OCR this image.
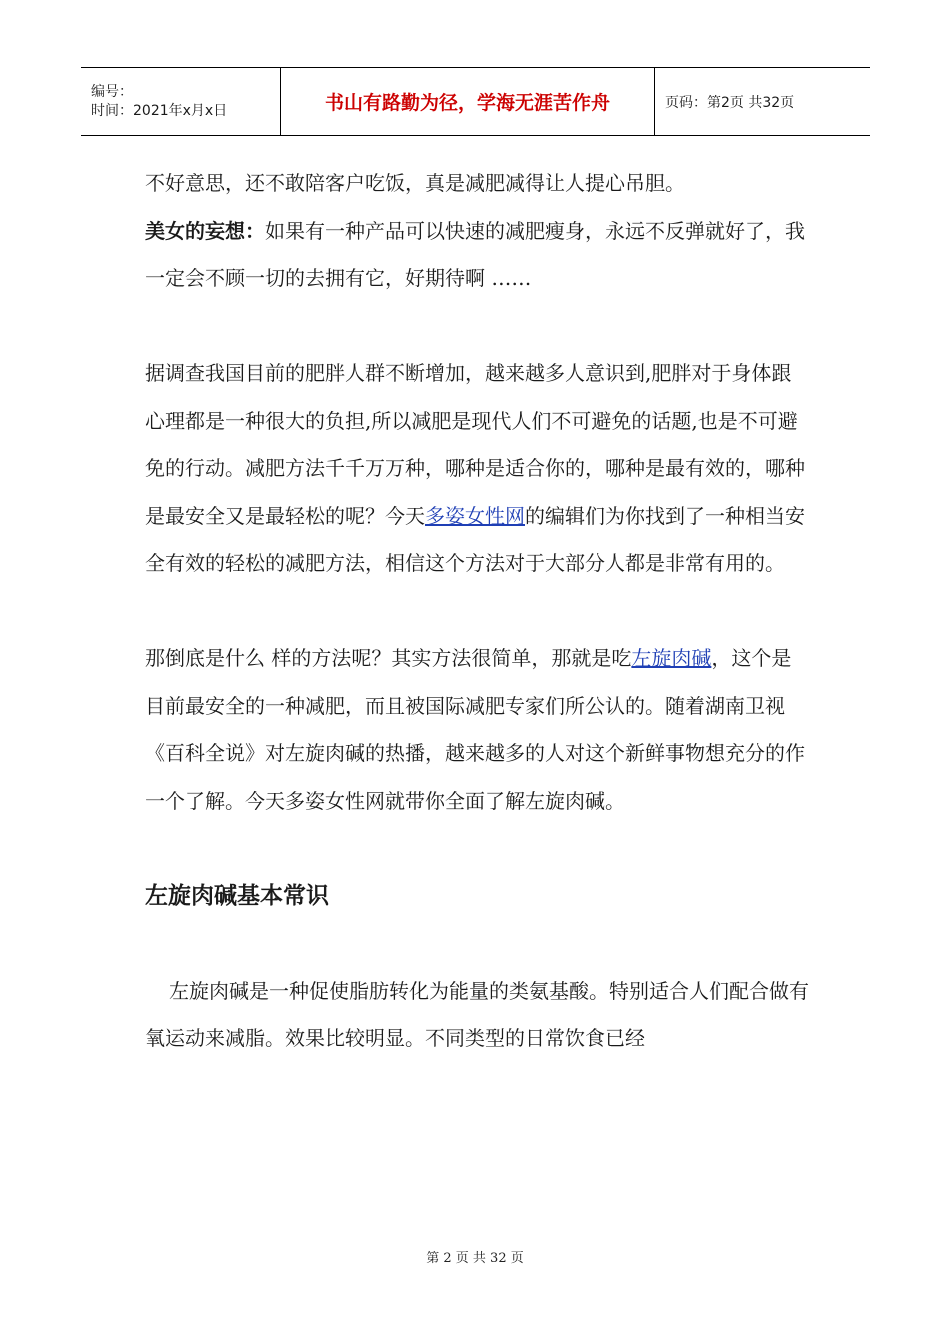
编号：
时间：2021年x月x日	书山有路勤为径，学海无涯苦作舟	页码：第2页 共32页

不好意思，还不敢陪客户吃饭，真是减肥减得让人提心吊胆。

美女的妄想：如果有一种产品可以快速的减肥瘦身，永远不反弹就好了，我一定会不顾一切的去拥有它，好期待啊 ……

据调查我国目前的肥胖人群不断增加，越来越多人意识到,肥胖对于身体跟心理都是一种很大的负担,所以减肥是现代人们不可避免的话题,也是不可避免的行动。减肥方法千千万万种，哪种是适合你的，哪种是最有效的，哪种是最安全又是最轻松的呢？今天多姿女性网的编辑们为你找到了一种相当安全有效的轻松的减肥方法，相信这个方法对于大部分人都是非常有用的。

那倒底是什么 样的方法呢？其实方法很简单，那就是吃左旋肉碱，这个是目前最安全的一种减肥，而且被国际减肥专家们所公认的。随着湖南卫视《百科全说》对左旋肉碱的热播，越来越多的人对这个新鲜事物想充分的作一个了解。今天多姿女性网就带你全面了解左旋肉碱。

左旋肉碱基本常识

左旋肉碱是一种促使脂肪转化为能量的类氨基酸。特别适合人们配合做有氧运动来减脂。效果比较明显。不同类型的日常饮食已经

第 2 页 共 32 页
